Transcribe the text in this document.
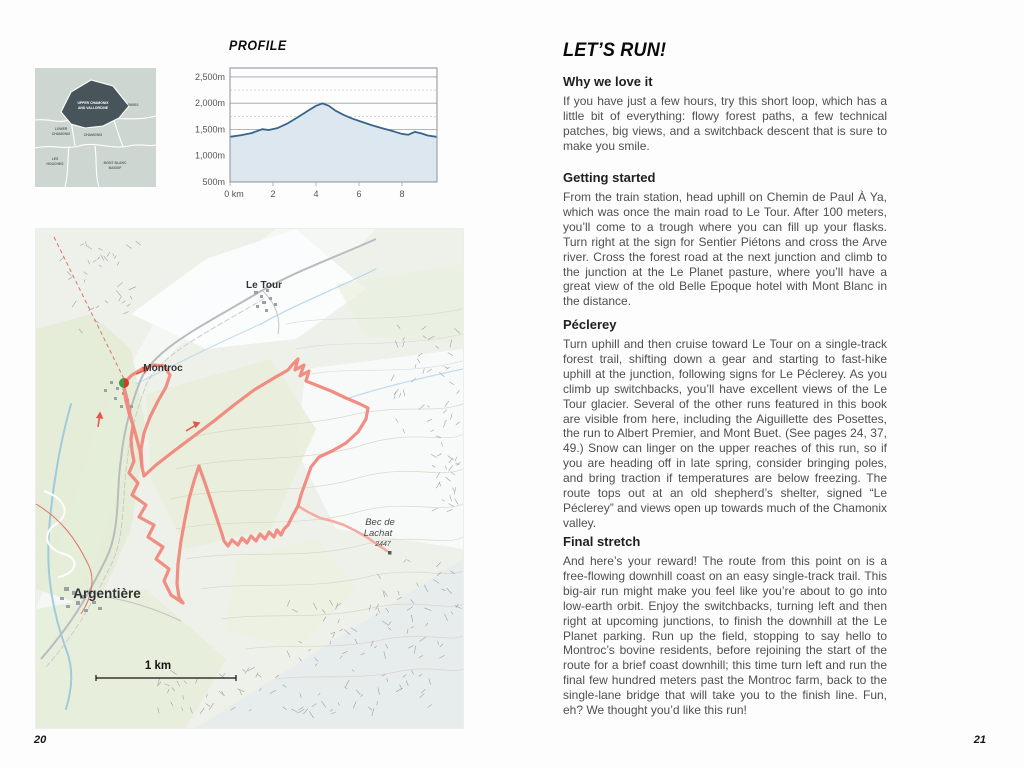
UPPER CHAMONIX
AND VALLORCINE
SWISS
LOWER
CHAMONIX	CHAMONIX
LES
HOUCHES	MONT BLANC
MASSIF
PROFILE
2,500m
2,000m
1,500m
1,000m
500m
0 km	2	4	6	8
Le Tour
Montroc
Argentière
Bec de
Lachat
2447
1 km
20
LET’S RUN!
Why we love it

If you have just a few hours, try this short loop, which has a little bit of everything: flowy forest paths, a few technical patches, big views, and a switchback descent that is sure to make you smile.

Getting started

From the train station, head uphill on Chemin de Paul À Ya, which was once the main road to Le Tour. After 100 meters, you’ll come to a trough where you can fill up your flasks. Turn right at the sign for Sentier Piétons and cross the Arve river. Cross the forest road at the next junction and climb to the junction at the Le Planet pasture, where you’ll have a great view of the old Belle Epoque hotel with Mont Blanc in the distance.

Péclerey

Turn uphill and then cruise toward Le Tour on a single-track forest trail, shifting down a gear and starting to fast-hike uphill at the junction, following signs for Le Péclerey. As you climb up switchbacks, you’ll have excellent views of the Le Tour glacier. Several of the other runs featured in this book are visible from here, including the Aiguillette des Posettes, the run to Albert Premier, and Mont Buet. (See pages 24, 37, 49.) Snow can linger on the upper reaches of this run, so if you are heading off in late spring, consider bringing poles, and bring traction if temperatures are below freezing. The route tops out at an old shepherd’s shelter, signed “Le Péclerey” and views open up towards much of the Chamonix valley.

Final stretch

And here’s your reward! The route from this point on is a free-flowing downhill coast on an easy single-track trail. This big-air run might make you feel like you’re about to go into low-earth orbit. Enjoy the switchbacks, turning left and then right at upcoming junctions, to finish the downhill at the Le Planet parking. Run up the field, stopping to say hello to Montroc’s bovine residents, before rejoining the start of the route for a brief coast downhill; this time turn left and run the final few hundred meters past the Montroc farm, back to the single-lane bridge that will take you to the finish line. Fun, eh? We thought you’d like this run!

21
